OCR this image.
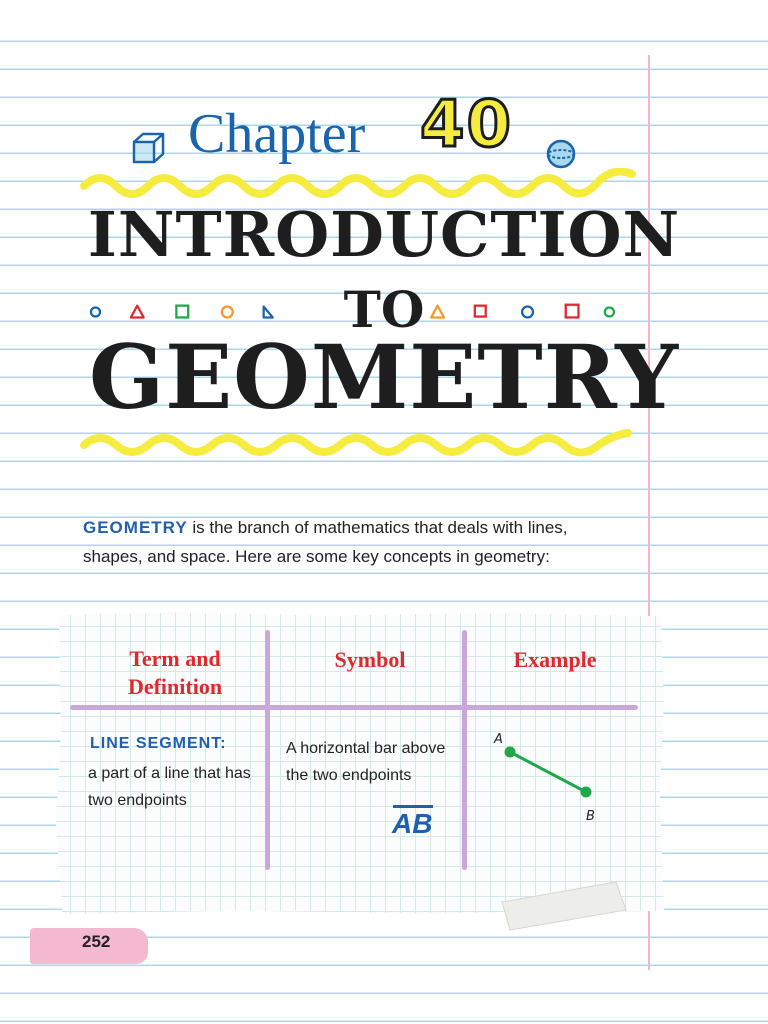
Chapter 40
INTRODUCTION
TO
GEOMETRY
GEOMETRY is the branch of mathematics that deals with lines, shapes, and space. Here are some key concepts in geometry:
Term and Definition
Symbol	Example
LINE SEGMENT:
a part of a line that has two endpoints
A horizontal bar above the two endpoints
AB
A
B
252
